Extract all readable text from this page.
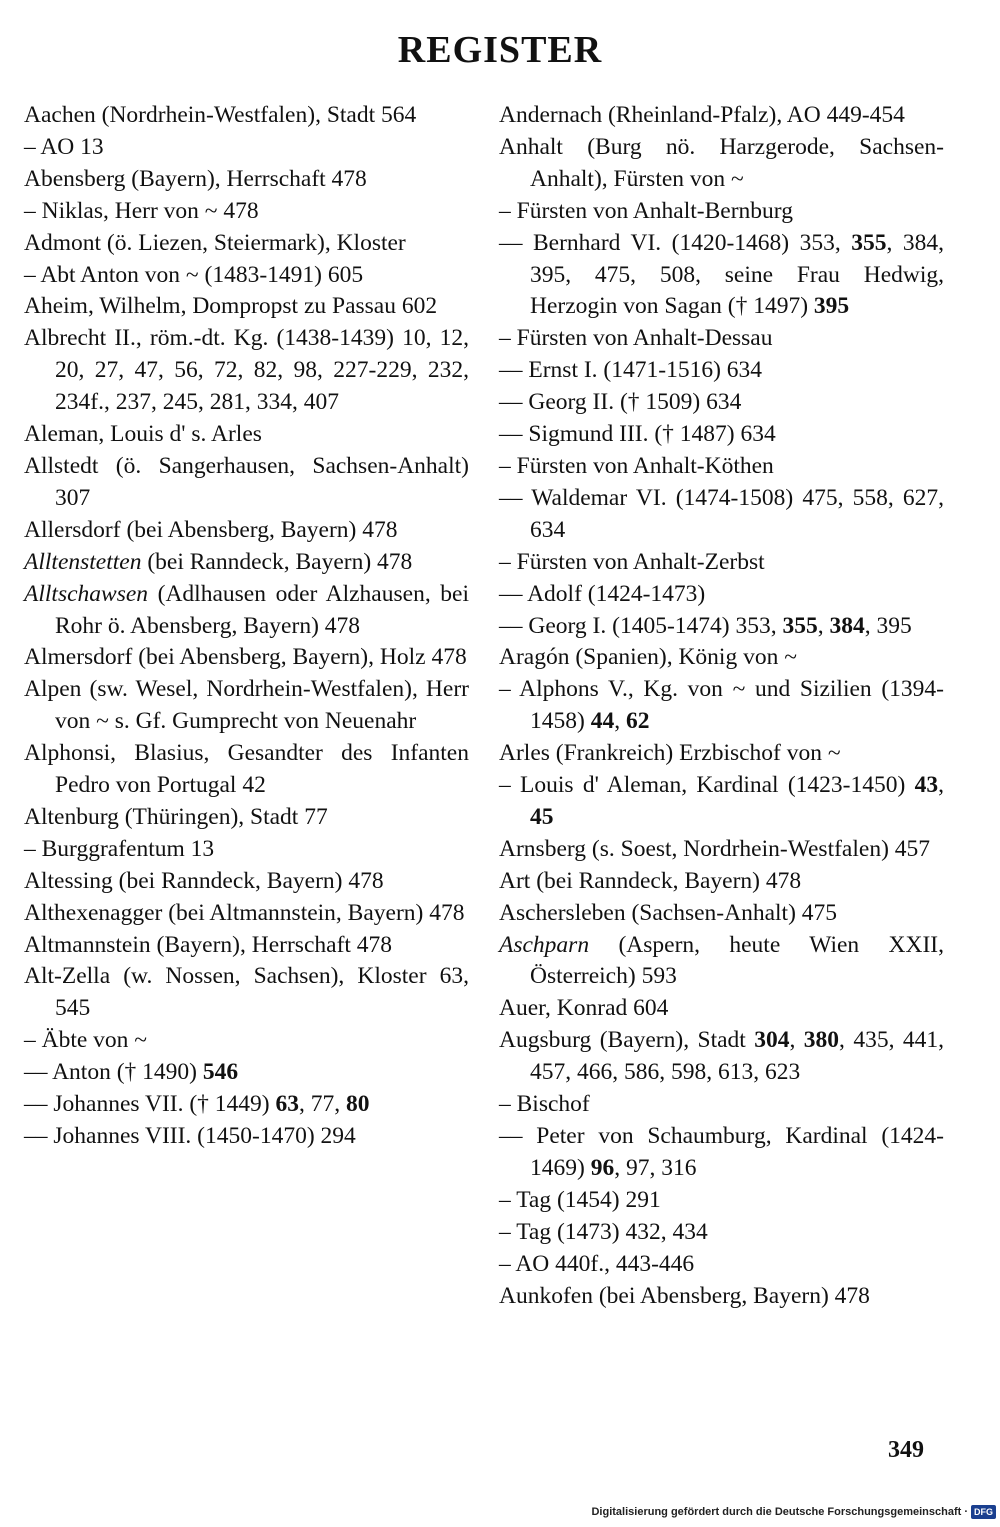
REGISTER
Aachen (Nordrhein-Westfalen), Stadt 564
– AO 13
Abensberg (Bayern), Herrschaft 478
– Niklas, Herr von ~ 478
Admont (ö. Liezen, Steiermark), Kloster
– Abt Anton von ~ (1483-1491) 605
Aheim, Wilhelm, Dompropst zu Passau 602
Albrecht II., röm.-dt. Kg. (1438-1439) 10, 12, 20, 27, 47, 56, 72, 82, 98, 227-229, 232, 234f., 237, 245, 281, 334, 407
Aleman, Louis d' s. Arles
Allstedt (ö. Sangerhausen, Sachsen-Anhalt) 307
Allersdorf (bei Abensberg, Bayern) 478
Alltenstetten (bei Ranndeck, Bayern) 478
Alltschawsen (Adlhausen oder Alzhausen, bei Rohr ö. Abensberg, Bayern) 478
Almersdorf (bei Abensberg, Bayern), Holz 478
Alpen (sw. Wesel, Nordrhein-Westfalen), Herr von ~ s. Gf. Gumprecht von Neuenahr
Alphonsi, Blasius, Gesandter des Infanten Pedro von Portugal 42
Altenburg (Thüringen), Stadt 77
– Burggrafentum 13
Altessing (bei Ranndeck, Bayern) 478
Althexenagger (bei Altmannstein, Bayern) 478
Altmannstein (Bayern), Herrschaft 478
Alt-Zella (w. Nossen, Sachsen), Kloster 63, 545
– Äbte von ~
–– Anton († 1490) 546
–– Johannes VII. († 1449) 63, 77, 80
–– Johannes VIII. (1450-1470) 294
Andernach (Rheinland-Pfalz), AO 449-454
Anhalt (Burg nö. Harzgerode, Sachsen-Anhalt), Fürsten von ~
– Fürsten von Anhalt-Bernburg
–– Bernhard VI. (1420-1468) 353, 355, 384, 395, 475, 508, seine Frau Hedwig, Herzogin von Sagan († 1497) 395
– Fürsten von Anhalt-Dessau
–– Ernst I. (1471-1516) 634
–– Georg II. († 1509) 634
–– Sigmund III. († 1487) 634
– Fürsten von Anhalt-Köthen
–– Waldemar VI. (1474-1508) 475, 558, 627, 634
– Fürsten von Anhalt-Zerbst
–– Adolf (1424-1473)
–– Georg I. (1405-1474) 353, 355, 384, 395
Aragón (Spanien), König von ~
– Alphons V., Kg. von ~ und Sizilien (1394-1458) 44, 62
Arles (Frankreich) Erzbischof von ~
– Louis d' Aleman, Kardinal (1423-1450) 43, 45
Arnsberg (s. Soest, Nordrhein-Westfalen) 457
Art (bei Ranndeck, Bayern) 478
Aschersleben (Sachsen-Anhalt) 475
Aschparn (Aspern, heute Wien XXII, Österreich) 593
Auer, Konrad 604
Augsburg (Bayern), Stadt 304, 380, 435, 441, 457, 466, 586, 598, 613, 623
– Bischof
–– Peter von Schaumburg, Kardinal (1424-1469) 96, 97, 316
– Tag (1454) 291
– Tag (1473) 432, 434
– AO 440f., 443-446
Aunkofen (bei Abensberg, Bayern) 478
349
Digitalisierung gefördert durch die Deutsche Forschungsgemeinschaft · DFG
